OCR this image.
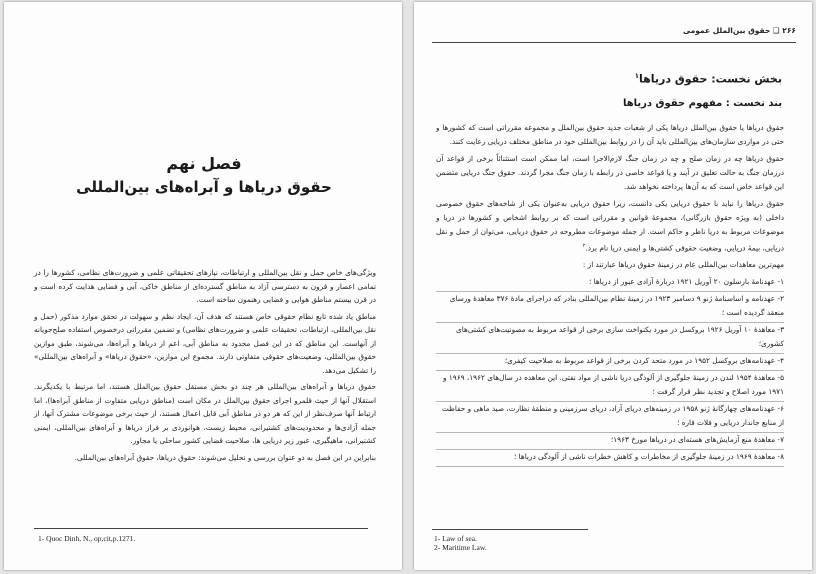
فصل نهم
حقوق دریاها و آبراه‌های بین‌المللی

ویژگی‌های خاص حمل و نقل بین‌المللی و ارتباطات، نیازهای تحقیقاتی علمی و ضرورت‌های نظامی، کشورها را در تمامی اعصار و قرون به دسترسی آزاد به مناطق گسترده‌ای از مناطق خاکی، آبی و فضایی هدایت کرده است و در قرن بیستم مناطق هوایی و فضایی رهنمون ساخته است.

مناطق یاد شده تابع نظام حقوقی خاص هستند که هدف آن، ایجاد نظم و سهولت در تحقق موارد مذکور (حمل و نقل بین‌المللی، ارتباطات، تحقیقات علمی و ضرورت‌های نظامی) و تضمین مقرراتی درخصوص استفاده صلح‌جویانه از آنهاست. این مناطق که در این فصل محدود به مناطق آبی، اعم از دریاها و آبراه‌ها، می‌شوند، طبق موازین حقوق بین‌المللی، وضعیت‌های حقوقی متفاوتی دارند. مجموع این موازین، «حقوق دریاها» و آبراه‌های بین‌المللی» را تشکیل می‌دهد.

حقوق دریاها و آبراه‌های بین‌المللی هر چند دو بخش مستقل حقوق بین‌الملل هستند، اما مرتبط با یکدیگرند. استقلال آنها از حیث قلمرو اجرای حقوق بین‌الملل در مکان است (مناطق دریایی متفاوت از مناطق آبراه‌ها)، اما ارتباط آنها صرف‌نظر از این که هر دو در مناطق آبی قابل اعمال هستند، از حیث برخی موضوعات مشترک آنها، از جمله آزادی‌ها و محدودیت‌های کشتیرانی، محیط زیست، هوانوردی بر فراز دریاها و آبراه‌های بین‌المللی، ایمنی کشتیرانی، ماهیگیری، عبور زیر دریایی ها، صلاحیت قضایی کشور ساحلی یا مجاور.

بنابراین در این فصل به دو عنوان بررسی و تحلیل می‌شوند: حقوق دریاها، حقوق آبراه‌های بین‌المللی.

1- Quoc Dinh, N., op,cit,p.1271.
۲۶۶ ❑ حقوق بین‌الملل عمومی
بخش نخست: حقوق دریاها$^۱$
بند نخست : مفهوم حقوق دریاها

حقوق دریاها یا حقوق بین‌الملل دریاها یکی از شعبات جدید حقوق بین‌الملل و مجموعه مقرراتی است که کشورها و حتی در مواردی سازمان‌های بین‌المللی باید آن را در روابط بین‌المللی خود در مناطق مختلف دریایی رعایت کنند.

حقوق دریاها چه در زمان صلح و چه در زمان جنگ لازم‌الاجرا است، اما ممکن است استثنائاً برخی از قواعد آن درزمان جنگ به حالت تعلیق در آیند و یا قواعد خاصی در رابطه با زمان جنگ مجرا گردند. حقوق جنگ دریایی متضمن این قواعد خاص است که به آن‌ها پرداخته نخواهد شد.

حقوق دریاها را نباید با حقوق دریایی یکی دانست، زیرا حقوق دریایی به‌عنوان یکی از شاخه‌های حقوق خصوصی داخلی (به ویژه حقوق بازرگانی)، مجموعهٔ قوانین و مقرراتی است که بر روابط اشخاص و کشورها در دریا و موضوعات مربوط به دریا ناظر و حاکم است. از جمله موضوعات مطروحه در حقوق دریایی، می‌توان از حمل و نقل دریایی، بیمهٔ دریایی، وضعیت حقوقی کشتی‌ها و ایمنی دریا نام برد.$^۲$

مهم‌ترین معاهدات بین‌المللی عام در زمینهٔ حقوق دریاها عبارتند از :

۱- عهدنامهٔ بارسلون ۲۰ آوریل ۱۹۲۱ دربارهٔ آزادی عبور از دریاها ؛
۲- عهدنامه و اساسنامهٔ ژنو ۹ دسامبر ۱۹۲۳ در زمینهٔ نظام بین‌المللی بنادر که دراجرای مادهٔ ۳۷۶ معاهدهٔ ورسای منعقد گردیده است ؛
۳- معاهدهٔ ۱۰ آوریل ۱۹۲۶ بروکسل در مورد یکنواخت سازی برخی از قواعد مربوط به مصونیت‌های کشتی‌های کشوری؛
۴- عهدنامه‌های بروکسل ۱۹۵۲ در مورد متحد کردن برخی از قواعد مربوط به صلاحیت کیفری؛
۵- معاهدهٔ ۱۹۵۴ لندن در زمینهٔ جلوگیری از آلودگی دریا ناشی از مواد نفتی. این معاهده در سال‌های ۱۹۶۲، ۱۹۶۹ و ۱۹۷۱ مورد اصلاح و تجدید نظر قرار گرفت ؛
۶- عهدنامه‌های چهارگانهٔ ژنو ۱۹۵۸ در زمینه‌های دریای آزاد، دریای سرزمینی و منطقهٔ نظارت، صید ماهی و حفاظت از منابع جاندار دریایی و فلات قاره ؛
۷- معاهدهٔ منع آزمایش‌های هسته‌ای در دریاها مورخ ۱۹۶۳؛
۸- معاهدهٔ ۱۹۶۹ در زمینهٔ جلوگیری از مخاطرات و کاهش خطرات ناشی از آلودگی دریاها ؛
1- Law of sea.
2- Maritime Law.
